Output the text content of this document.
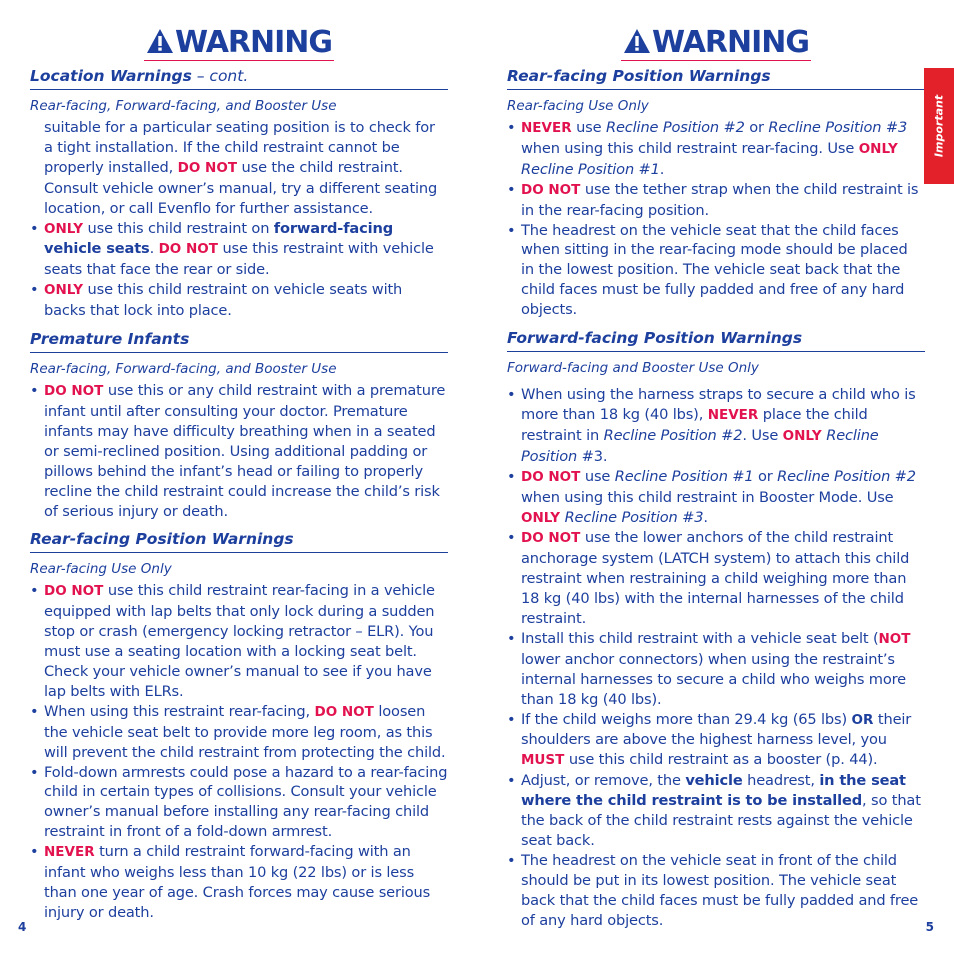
WARNING
Location Warnings – cont.
Rear-facing, Forward-facing, and Booster Use

suitable for a particular seating position is to check for a tight installation. If the child restraint cannot be properly installed, DO NOT use the child restraint. Consult vehicle owner’s manual, try a different seating location, or call Evenflo for further assistance.

• ONLY use this child restraint on forward-facing vehicle seats. DO NOT use this restraint with vehicle seats that face the rear or side.
• ONLY use this child restraint on vehicle seats with backs that lock into place.
Premature Infants
Rear-facing, Forward-facing, and Booster Use
• DO NOT use this or any child restraint with a premature infant until after consulting your doctor. Premature infants may have difficulty breathing when in a seated or semi-reclined position. Using additional padding or pillows behind the infant’s head or failing to properly recline the child restraint could increase the child’s risk of serious injury or death.
Rear-facing Position Warnings
Rear-facing Use Only
• DO NOT use this child restraint rear-facing in a vehicle equipped with lap belts that only lock during a sudden stop or crash (emergency locking retractor – ELR). You must use a seating location with a locking seat belt. Check your vehicle owner’s manual to see if you have lap belts with ELRs.
• When using this restraint rear-facing, DO NOT loosen the vehicle seat belt to provide more leg room, as this will prevent the child restraint from protecting the child.
• Fold-down armrests could pose a hazard to a rear-facing child in certain types of collisions. Consult your vehicle owner’s manual before installing any rear-facing child restraint in front of a fold-down armrest.
• NEVER turn a child restraint forward-facing with an infant who weighs less than 10 kg (22 lbs) or is less than one year of age. Crash forces may cause serious injury or death.
4
WARNING
Rear-facing Position Warnings
Rear-facing Use Only
• NEVER use Recline Position #2 or Recline Position #3 when using this child restraint rear-facing. Use ONLY Recline Position #1.
• DO NOT use the tether strap when the child restraint is in the rear-facing position.
• The headrest on the vehicle seat that the child faces when sitting in the rear-facing mode should be placed in the lowest position. The vehicle seat back that the child faces must be fully padded and free of any hard objects.
Forward-facing Position Warnings
Forward-facing and Booster Use Only
• When using the harness straps to secure a child who is more than 18 kg (40 lbs), NEVER place the child restraint in Recline Position #2. Use ONLY Recline Position #3.
• DO NOT use Recline Position #1 or Recline Position #2 when using this child restraint in Booster Mode. Use ONLY Recline Position #3.
• DO NOT use the lower anchors of the child restraint anchorage system (LATCH system) to attach this child restraint when restraining a child weighing more than 18 kg (40 lbs) with the internal harnesses of the child restraint.
• Install this child restraint with a vehicle seat belt (NOT lower anchor connectors) when using the restraint’s internal harnesses to secure a child who weighs more than 18 kg (40 lbs).
• If the child weighs more than 29.4 kg (65 lbs) OR their shoulders are above the highest harness level, you MUST use this child restraint as a booster (p. 44).
• Adjust, or remove, the vehicle headrest, in the seat where the child restraint is to be installed, so that the back of the child restraint rests against the vehicle seat back.
• The headrest on the vehicle seat in front of the child should be put in its lowest position. The vehicle seat back that the child faces must be fully padded and free of any hard objects.	5
Important
